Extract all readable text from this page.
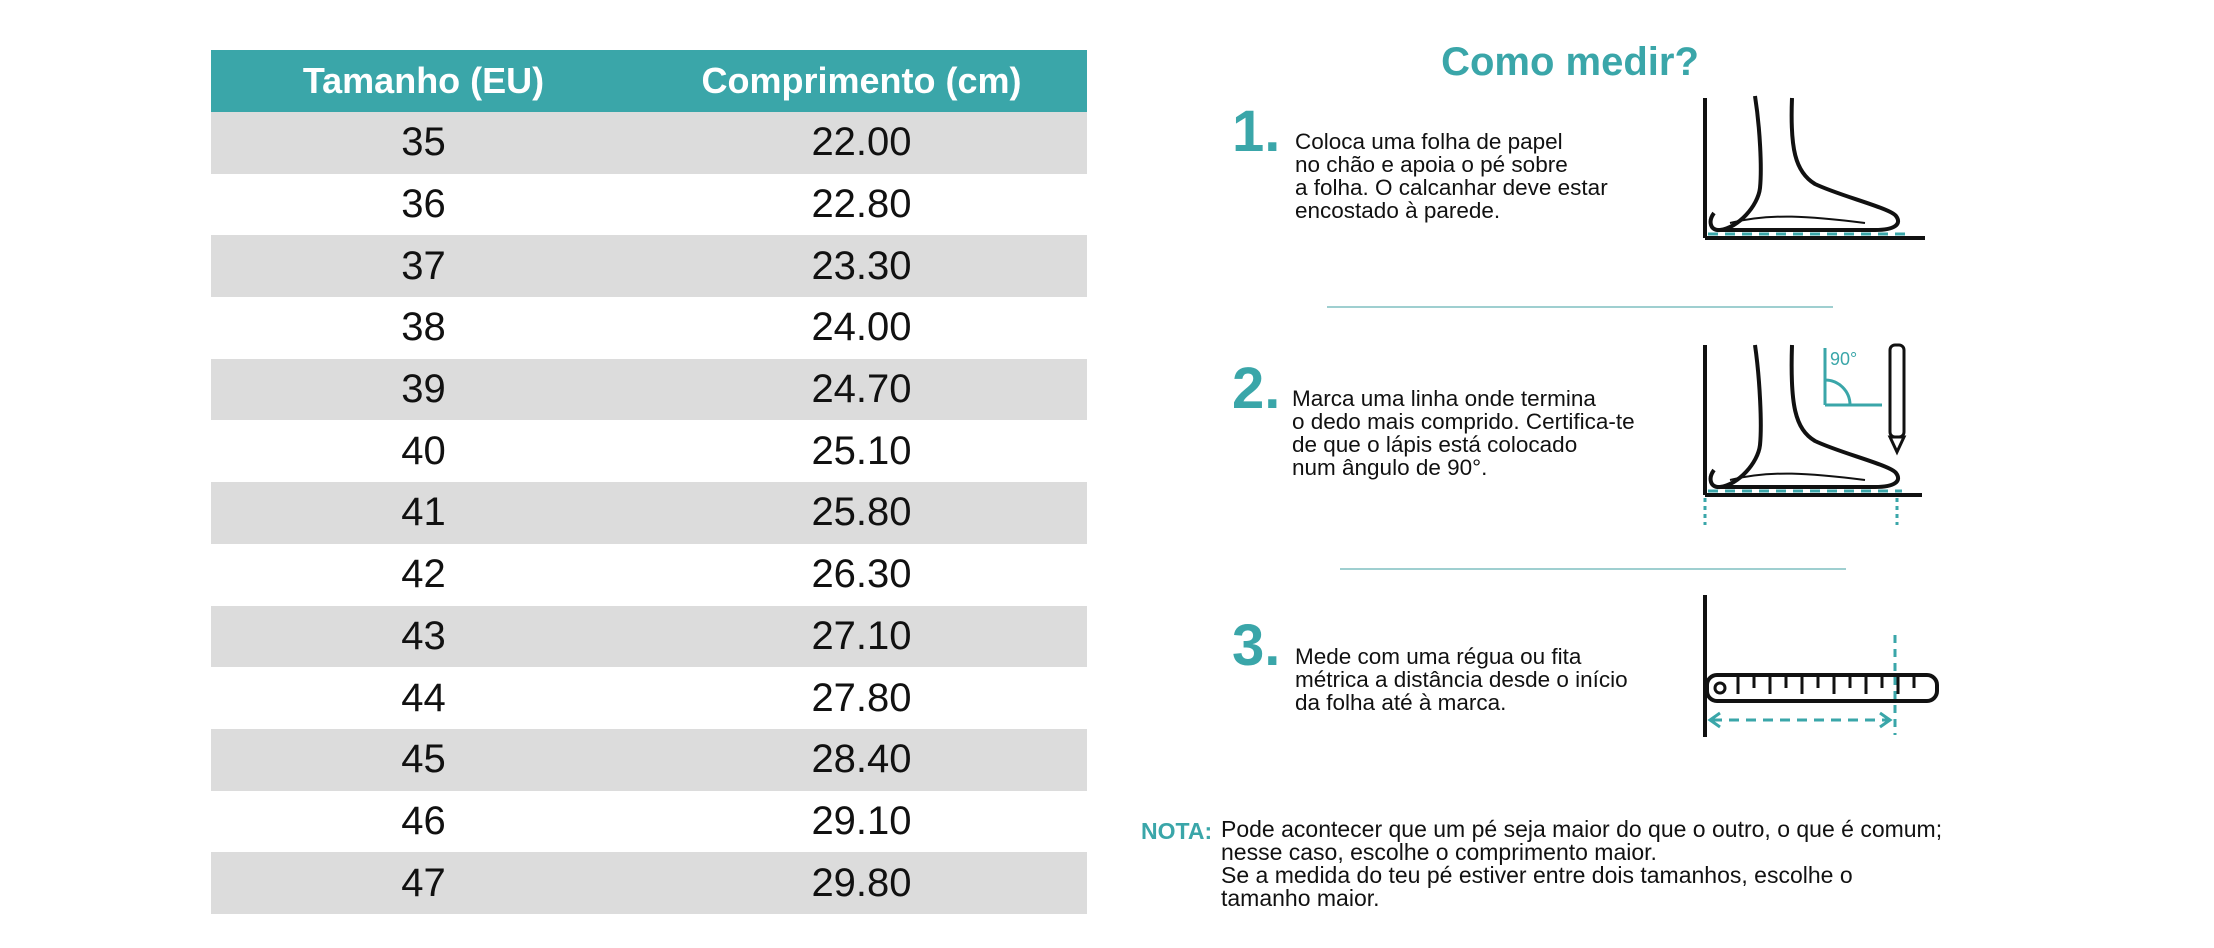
Tamanho (EU)	Comprimento (cm)
35	22.00
36	22.80
37	23.30
38	24.00
39	24.70
40	25.10
41	25.80
42	26.30
43	27.10
44	27.80
45	28.40
46	29.10
47	29.80
Como medir?
1. Coloca uma folha de papel
no chão e apoia o pé sobre
a folha. O calcanhar deve estar
encostado à parede.
2. Marca uma linha onde termina
o dedo mais comprido. Certifica-te
de que o lápis está colocado
num ângulo de 90°.
90°
3. Mede com uma régua ou fita
métrica a distância desde o início
da folha até à marca.
NOTA: Pode acontecer que um pé seja maior do que o outro, o que é comum;
nesse caso, escolhe o comprimento maior.
Se a medida do teu pé estiver entre dois tamanhos, escolhe o
tamanho maior.
